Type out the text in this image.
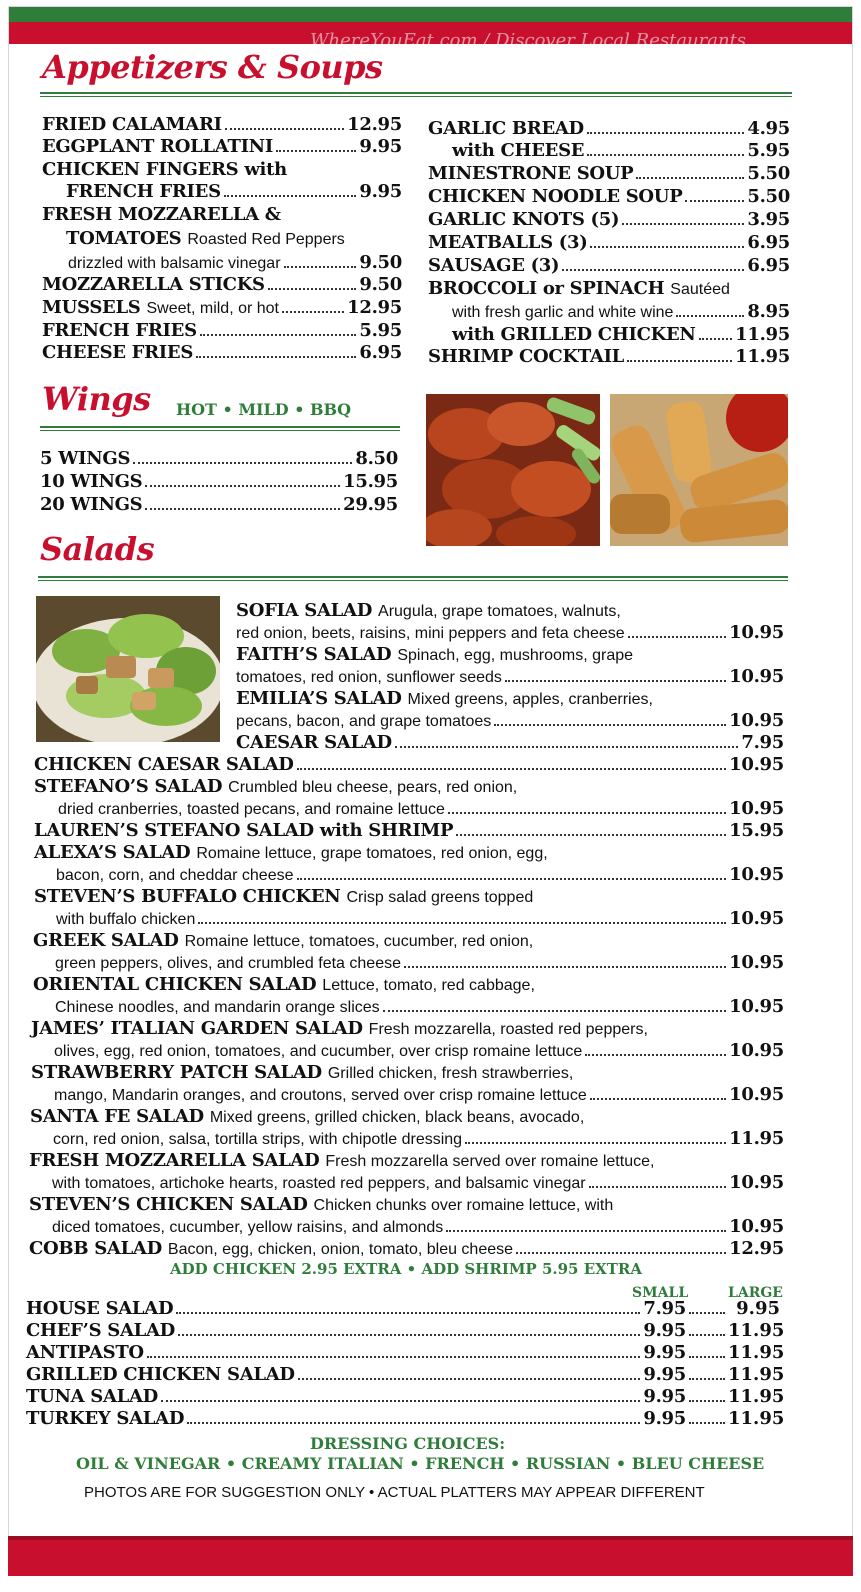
WhereYouEat.com / Discover Local Restaurants
Appetizers & Soups
FRIED CALAMARI	12.95
EGGPLANT ROLLATINI	9.95
CHICKEN FINGERS with
FRENCH FRIES	9.95
FRESH MOZZARELLA &
TOMATOES Roasted Red Peppers
drizzled with balsamic vinegar	9.50
MOZZARELLA STICKS	9.50
MUSSELS Sweet, mild, or hot	12.95
FRENCH FRIES	5.95
CHEESE FRIES	6.95
GARLIC BREAD	4.95
with CHEESE	5.95
MINESTRONE SOUP	5.50
CHICKEN NOODLE SOUP	5.50
GARLIC KNOTS (5)	3.95
MEATBALLS (3)	6.95
SAUSAGE (3)	6.95
BROCCOLI or SPINACH Sautéed
with fresh garlic and white wine	8.95
with GRILLED CHICKEN 11.95
SHRIMP COCKTAIL	11.95
Wings HOT • MILD • BBQ
5 WINGS	8.50
10 WINGS	15.95
20 WINGS	29.95
Salads
SOFIA SALAD Arugula, grape tomatoes, walnuts,
red onion, beets, raisins, mini peppers and feta cheese	10.95
FAITH’S SALAD Spinach, egg, mushrooms, grape
tomatoes, red onion, sunflower seeds	10.95
EMILIA’S SALAD Mixed greens, apples, cranberries,
pecans, bacon, and grape tomatoes	10.95
CAESAR SALAD	7.95
CHICKEN CAESAR SALAD	10.95
STEFANO’S SALAD Crumbled bleu cheese, pears, red onion,
dried cranberries, toasted pecans, and romaine lettuce	10.95
LAUREN’S STEFANO SALAD with SHRIMP	15.95
ALEXA’S SALAD Romaine lettuce, grape tomatoes, red onion, egg,
bacon, corn, and cheddar cheese	10.95
STEVEN’S BUFFALO CHICKEN Crisp salad greens topped
with buffalo chicken	10.95
GREEK SALAD Romaine lettuce, tomatoes, cucumber, red onion,
green peppers, olives, and crumbled feta cheese	10.95
ORIENTAL CHICKEN SALAD Lettuce, tomato, red cabbage,
Chinese noodles, and mandarin orange slices	10.95
JAMES’ ITALIAN GARDEN SALAD Fresh mozzarella, roasted red peppers,
olives, egg, red onion, tomatoes, and cucumber, over crisp romaine lettuce	10.95
STRAWBERRY PATCH SALAD Grilled chicken, fresh strawberries,
mango, Mandarin oranges, and croutons, served over crisp romaine lettuce	10.95
SANTA FE SALAD Mixed greens, grilled chicken, black beans, avocado,
corn, red onion, salsa, tortilla strips, with chipotle dressing	11.95
FRESH MOZZARELLA SALAD Fresh mozzarella served over romaine lettuce,
with tomatoes, artichoke hearts, roasted red peppers, and balsamic vinegar	10.95
STEVEN’S CHICKEN SALAD Chicken chunks over romaine lettuce, with
diced tomatoes, cucumber, yellow raisins, and almonds	10.95
COBB SALAD Bacon, egg, chicken, onion, tomato, bleu cheese	12.95
ADD CHICKEN 2.95 EXTRA • ADD SHRIMP 5.95 EXTRA
SMALL	LARGE
HOUSE SALAD	7.95	9.95
CHEF’S SALAD	9.95 11.95
ANTIPASTO	9.95 11.95
GRILLED CHICKEN SALAD	9.95 11.95
TUNA SALAD	9.95 11.95
TURKEY SALAD	9.95 11.95
DRESSING CHOICES:
OIL & VINEGAR • CREAMY ITALIAN • FRENCH • RUSSIAN • BLEU CHEESE
PHOTOS ARE FOR SUGGESTION ONLY • ACTUAL PLATTERS MAY APPEAR DIFFERENT
